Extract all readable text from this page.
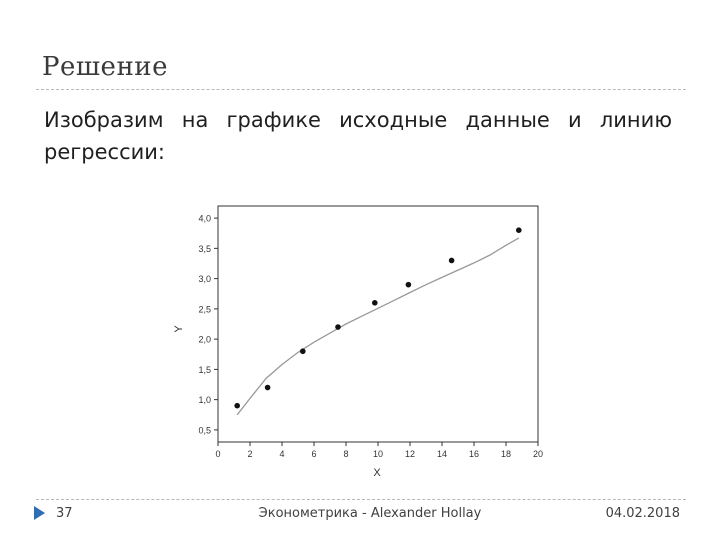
Решение
Изобразим на графике исходные данные и линию регрессии:
0,5
1,0
1,5
2,0
2,5
3,0
3,5
4,0
0	2	4	6	8	10 12 14 16 18 20
X
Y
37	Эконометрика - Alexander Hollay	04.02.2018
